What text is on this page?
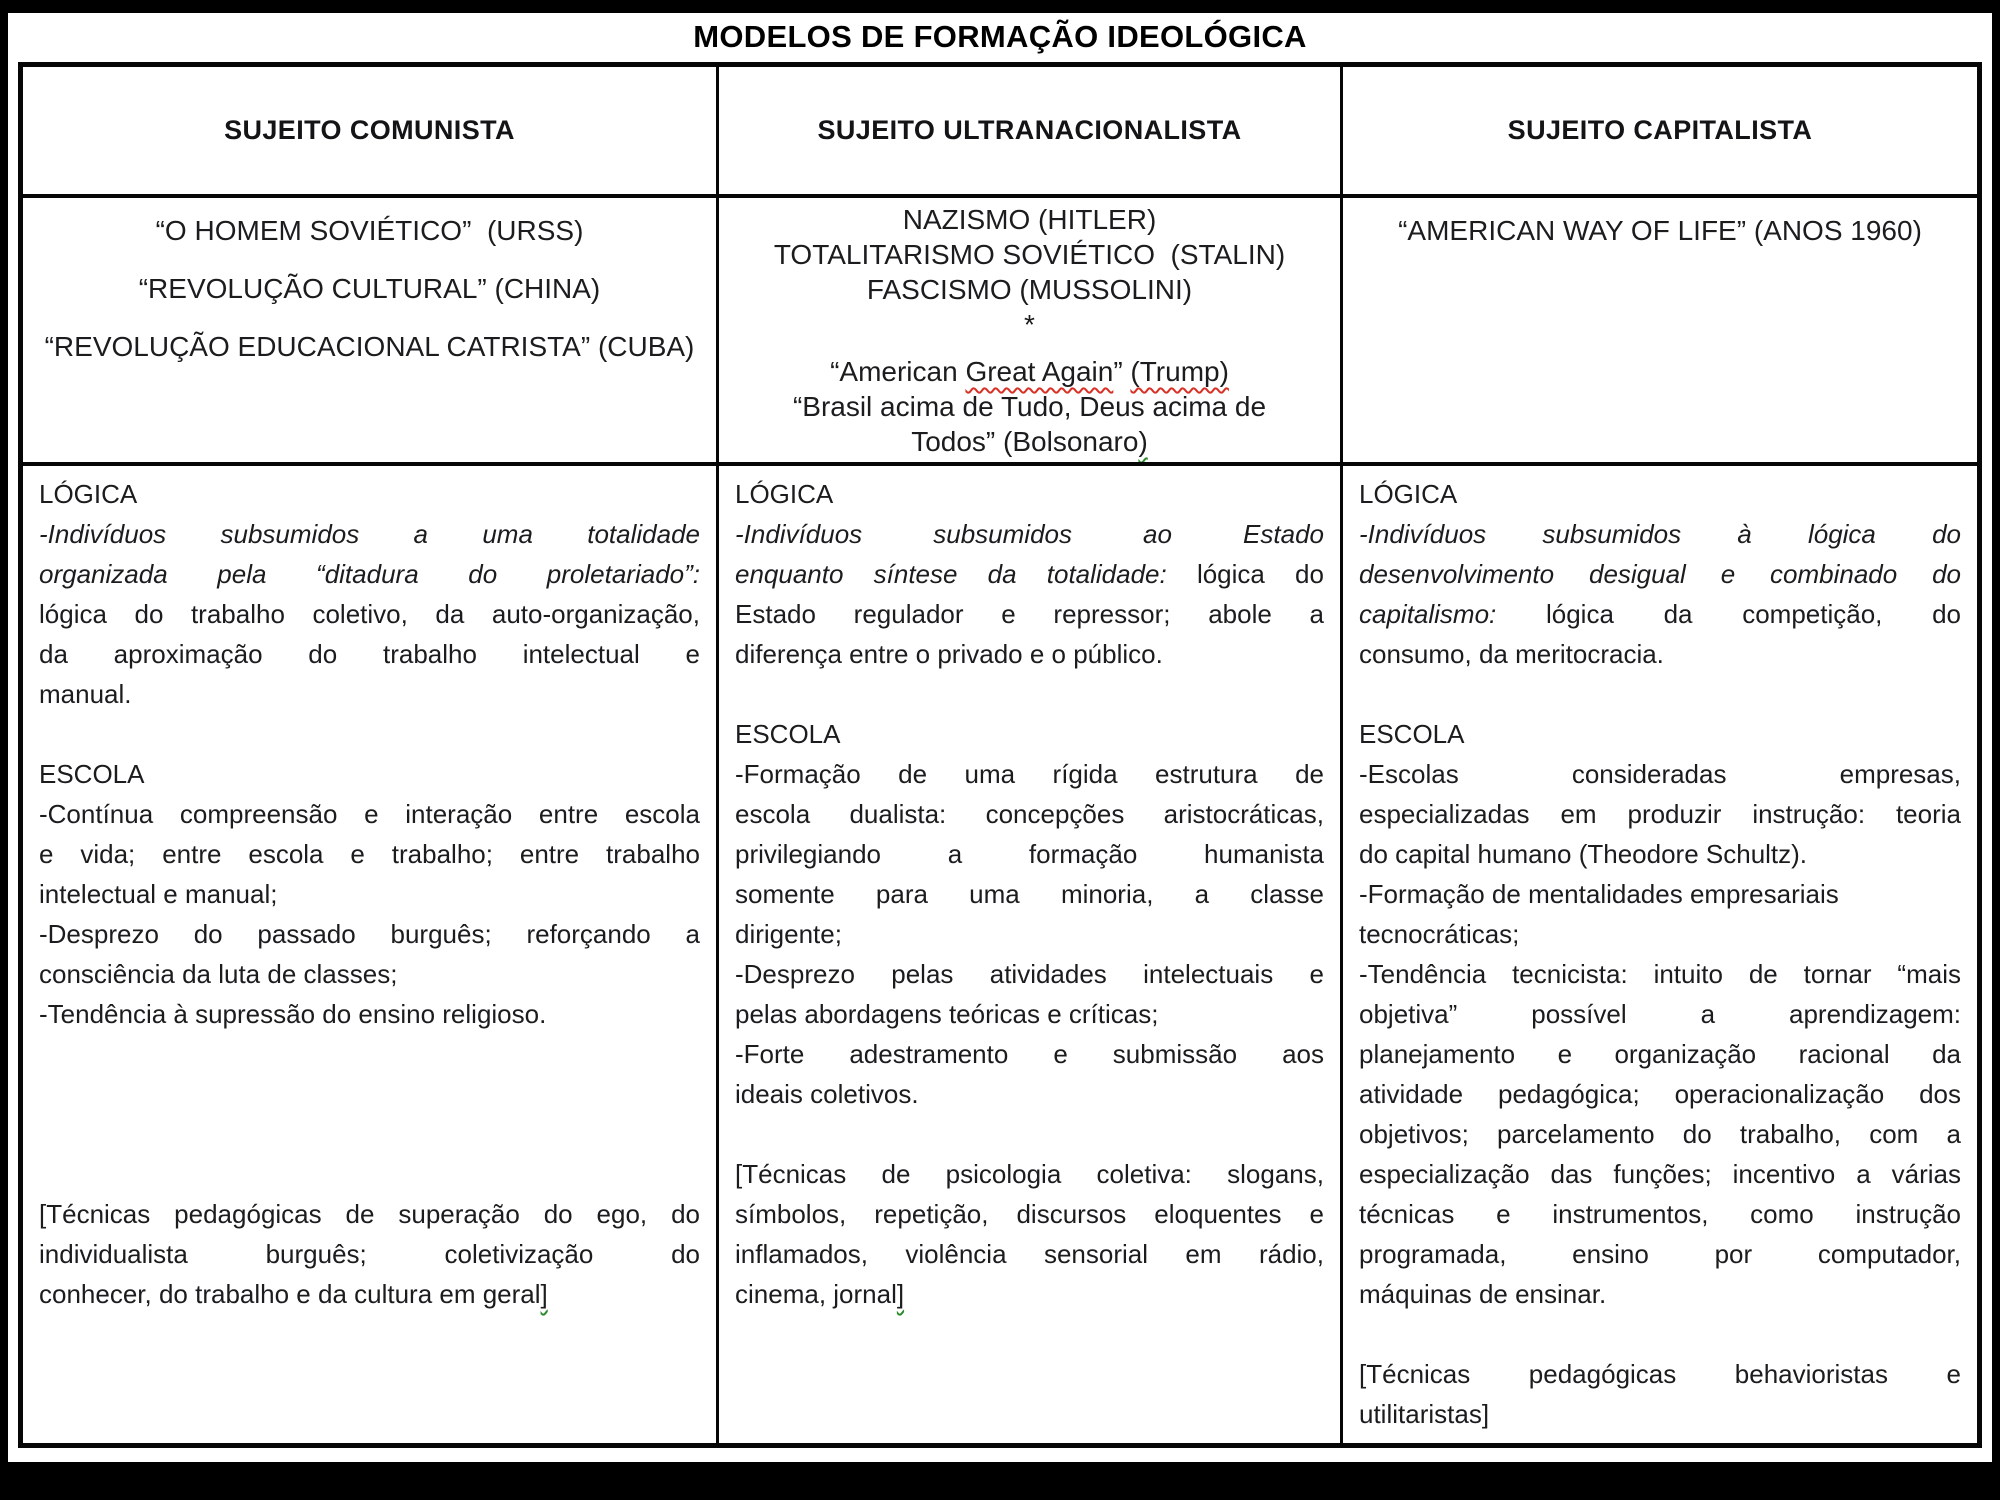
MODELOS DE FORMAÇÃO IDEOLÓGICA
SUJEITO COMUNISTA	SUJEITO ULTRANACIONALISTA	SUJEITO CAPITALISTA
“O HOMEM SOVIÉTICO”  (URSS)
“REVOLUÇÃO CULTURAL” (CHINA)
“REVOLUÇÃO EDUCACIONAL CATRISTA” (CUBA)
NAZISMO (HITLER)
TOTALITARISMO SOVIÉTICO  (STALIN)
FASCISMO (MUSSOLINI)
*
“American Great Again” (Trump)
“Brasil acima de Tudo, Deus acima de
Todos” (Bolsonaro)
“AMERICAN WAY OF LIFE” (ANOS 1960)
LÓGICA
-Indivíduos subsumidos a uma totalidade
organizada pela “ditadura do proletariado”:
lógica do trabalho coletivo, da auto-organização,
da aproximação do trabalho intelectual e
manual.
ESCOLA
-Contínua compreensão e interação entre escola
e vida; entre escola e trabalho; entre trabalho
intelectual e manual;
-Desprezo do passado burguês; reforçando a
consciência da luta de classes;
-Tendência à supressão do ensino religioso.
[Técnicas pedagógicas de superação do ego, do
individualista burguês; coletivização do
conhecer, do trabalho e da cultura em geral]
LÓGICA
-Indivíduos subsumidos ao Estado
enquanto síntese da totalidade: lógica do
Estado regulador e repressor; abole a
diferença entre o privado e o público.
ESCOLA
-Formação de uma rígida estrutura de
escola dualista: concepções aristocráticas,
privilegiando a formação humanista
somente para uma minoria, a classe
dirigente;
-Desprezo pelas atividades intelectuais e
pelas abordagens teóricas e críticas;
-Forte adestramento e submissão aos
ideais coletivos.
[Técnicas de psicologia coletiva: slogans,
símbolos, repetição, discursos eloquentes e
inflamados, violência sensorial em rádio,
cinema, jornal]
LÓGICA
-Indivíduos subsumidos à lógica do
desenvolvimento desigual e combinado do
capitalismo: lógica da competição, do
consumo, da meritocracia.
ESCOLA
-Escolas consideradas empresas,
especializadas em produzir instrução: teoria
do capital humano (Theodore Schultz).
-Formação de mentalidades empresariais
tecnocráticas;
-Tendência tecnicista: intuito de tornar “mais
objetiva” possível a aprendizagem:
planejamento e organização racional da
atividade pedagógica; operacionalização dos
objetivos; parcelamento do trabalho, com a
especialização das funções; incentivo a várias
técnicas e instrumentos, como instrução
programada, ensino por computador,
máquinas de ensinar.
[Técnicas pedagógicas behavioristas e
utilitaristas]
